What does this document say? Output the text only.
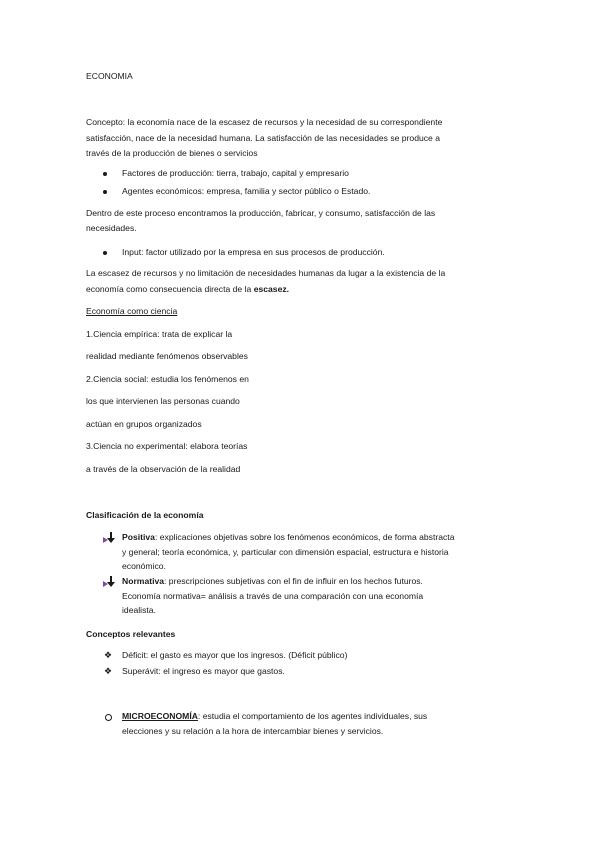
ECONOMIA
Concepto: la economía nace de la escasez de recursos y la necesidad de su correspondiente
satisfacción, nace de la necesidad humana. La satisfacción de las necesidades se produce a
través de la producción de bienes o servicios
Factores de producción: tierra, trabajo, capital y empresario
Agentes económicos: empresa, familia y sector público o Estado.
Dentro de este proceso encontramos la producción, fabricar, y consumo, satisfacción de las
necesidades.
Input: factor utilizado por la empresa en sus procesos de producción.
La escasez de recursos y no limitación de necesidades humanas da lugar a la existencia de la
economía como consecuencia directa de la escasez.
Economía como ciencia
1.Ciencia empírica: trata de explicar la
realidad mediante fenómenos observables
2.Ciencia social: estudia los fenómenos en
los que intervienen las personas cuando
actúan en grupos organizados
3.Ciencia no experimental: elabora teorías
a través de la observación de la realidad
Clasificación de la economía
Positiva: explicaciones objetivas sobre los fenómenos económicos, de forma abstracta
y general; teoría económica, y, particular con dimensión espacial, estructura e historia
económico.
Normativa: prescripciones subjetivas con el fin de influir en los hechos futuros.
Economía normativa= análisis a través de una comparación con una economía
idealista.
Conceptos relevantes
❖ Déficit: el gasto es mayor que los ingresos. (Déficit público)
❖ Superávit: el ingreso es mayor que gastos.
MICROECONOMÍA: estudia el comportamiento de los agentes individuales, sus
elecciones y su relación a la hora de intercambiar bienes y servicios.
